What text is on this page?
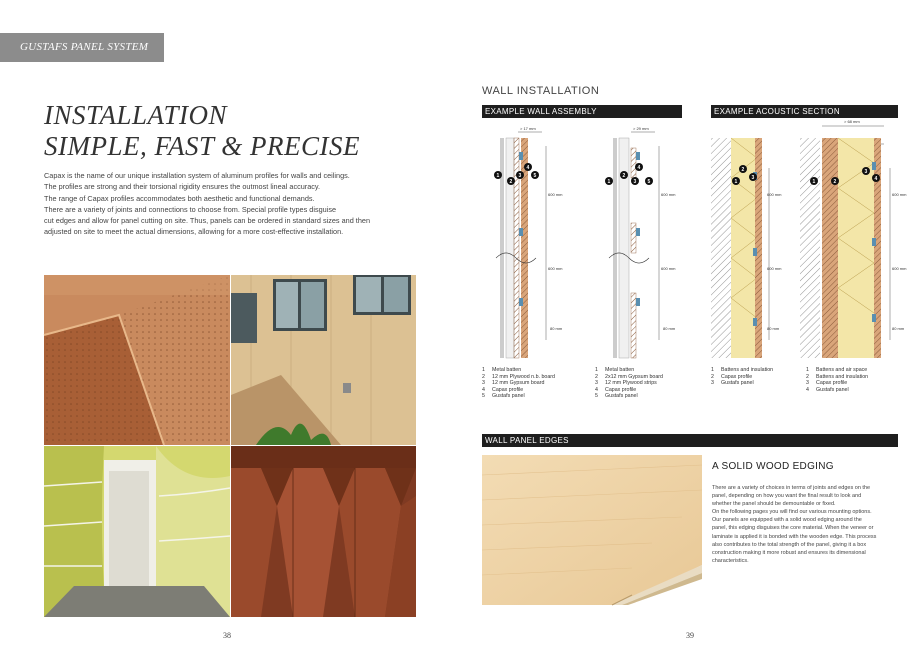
GUSTAFS PANEL SYSTEM
INSTALLATION
SIMPLE, FAST & PRECISE

Capax is the name of our unique installation system of aluminum profiles for walls and ceilings.

The profiles are strong and their torsional rigidity ensures the outmost lineal accuracy.

The range of Capax profiles accommodates both aesthetic and functional demands.

There are a variety of joints and connections to choose from. Special profile types disguise

cut edges and allow for panel cutting on site. Thus, panels can be ordered in standard sizes and then

adjusted on site to meet the actual dimensions, allowing for a more cost-effective installation.

38
WALL INSTALLATION
EXAMPLE WALL ASSEMBLY	EXAMPLE ACOUSTIC SECTION
> 17 mm
600 mm
600 mm
80 mm
1
2
3
4
5
> 29 mm
600 mm
600 mm
80 mm
1
2
3
4
5
600 mm
600 mm
80 mm
1
2
3
> 68 mm
600 mm
600 mm
80 mm
1	2
3
4
1 Metal batten
2 12 mm Plywood n.b. board
3 12 mm Gypsum board
4 Capax profile
5 Gustafs panel
1 Metal batten
2 2x12 mm Gypsum board
3 12 mm Plywood strips
4 Capax profile
5 Gustafs panel
1 Battens and insulation
2 Capax profile
3 Gustafs panel
1 Battens and air space
2 Battens and insulation
3 Capax profile
4 Gustafs panel
WALL PANEL EDGES
A SOLID WOOD EDGING

There are a variety of choices in terms of joints and edges on the

panel, depending on how you want the final result to look and

whether the panel should be demountable or fixed.

On the following pages you will find our various mounting options.

Our panels are equipped with a solid wood edging around the

panel, this edging disguises the core material. When the veneer or

laminate is applied it is bonded with the wooden edge. This process

also contributes to the total strength of the panel, giving it a box

construction making it more robust and ensures its dimensional

characteristics.

39
